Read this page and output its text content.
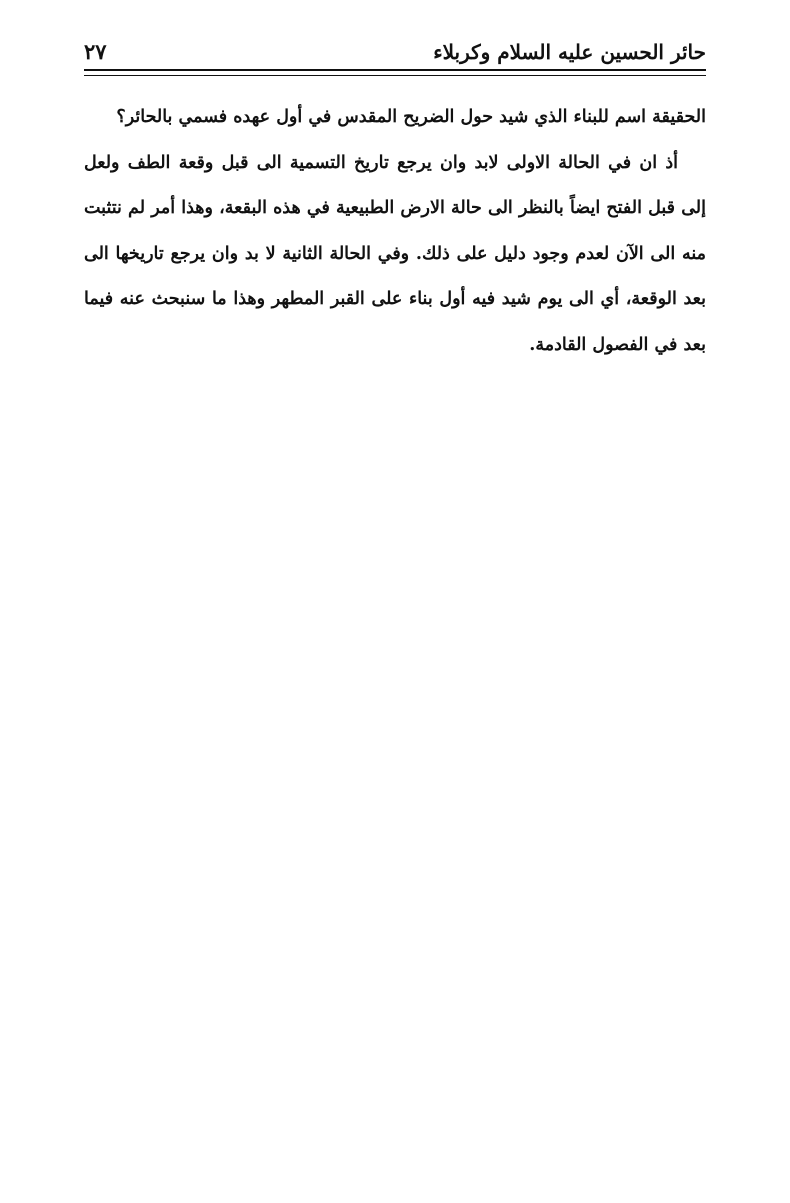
حائر الحسين عليه السلام وكربلاء
٢٧

الحقيقة اسم للبناء الذي شيد حول الضريح المقدس في أول عهده فسمي بالحائر؟

أذ ان في الحالة الاولى لابد وان يرجع تاريخ التسمية الى قبل وقعة الطف ولعل إلى قبل الفتح ايضاً بالنظر الى حالة الارض الطبيعية في هذه البقعة، وهذا أمر لم نتثبت منه الى الآن لعدم وجود دليل على ذلك. وفي الحالة الثانية لا بد وان يرجع تاريخها الى بعد الوقعة، أي الى يوم شيد فيه أول بناء على القبر المطهر وهذا ما سنبحث عنه فيما بعد في الفصول القادمة.
